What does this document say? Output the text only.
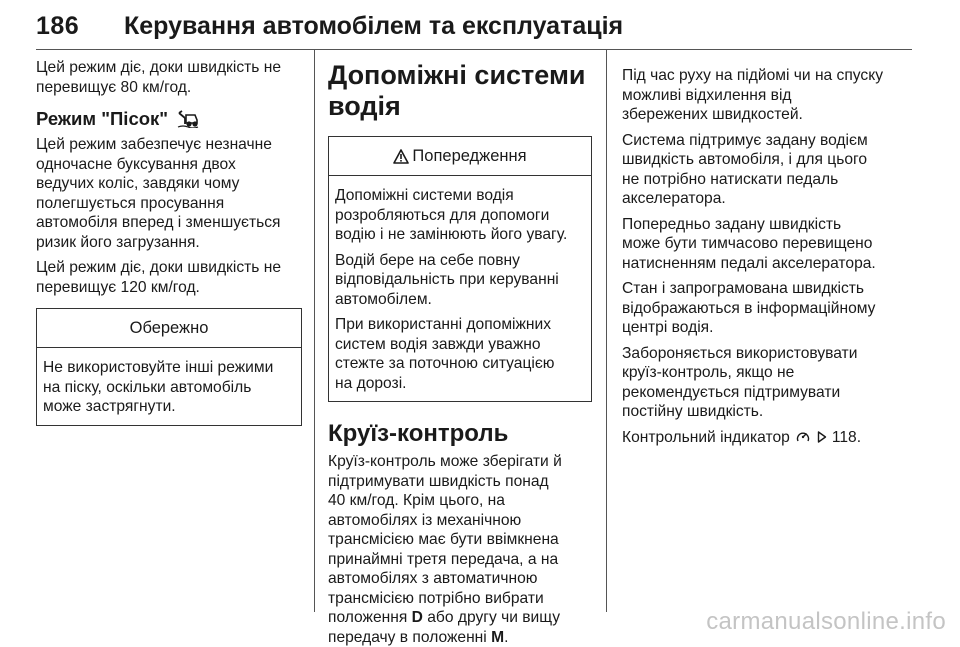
186 Керування автомобілем та експлуатація

Цей режим діє, доки швидкість не

перевищує 80 км/год.

Режим "Пісок"

Цей режим забезпечує незначне

одночасне буксування двох

ведучих коліс, завдяки чому

полегшується просування

автомобіля вперед і зменшується

ризик його загрузання.

Цей режим діє, доки швидкість не

перевищує 120 км/год.

Обережно

Не використовуйте інші режими

на піску, оскільки автомобіль

може застрягнути.

Допоміжні системи
водія
Попередження

Допоміжні системи водія

розробляються для допомоги

водію і не замінюють його увагу.

Водій бере на себе повну

відповідальність при керуванні

автомобілем.

При використанні допоміжних

систем водія завжди уважно

стежте за поточною ситуацією

на дорозі.

Круїз-контроль

Круїз-контроль може зберігати й

підтримувати швидкість понад

40 км/год. Крім цього, на

автомобілях із механічною

трансмісією має бути ввімкнена

принаймні третя передача, а на

автомобілях з автоматичною

трансмісією потрібно вибрати

положення D або другу чи вищу

передачу в положенні M.

Під час руху на підйомі чи на спуску

можливі відхилення від

збережених швидкостей.

Система підтримує задану водієм

швидкість автомобіля, і для цього

не потрібно натискати педаль

акселератора.

Попередньо задану швидкість

може бути тимчасово перевищено

натисненням педалі акселератора.

Стан і запрограмована швидкість

відображаються в інформаційному

центрі водія.

Забороняється використовувати

круїз-контроль, якщо не

рекомендується підтримувати

постійну швидкість.

Контрольний індикатор	118.

carmanualsonline.info
